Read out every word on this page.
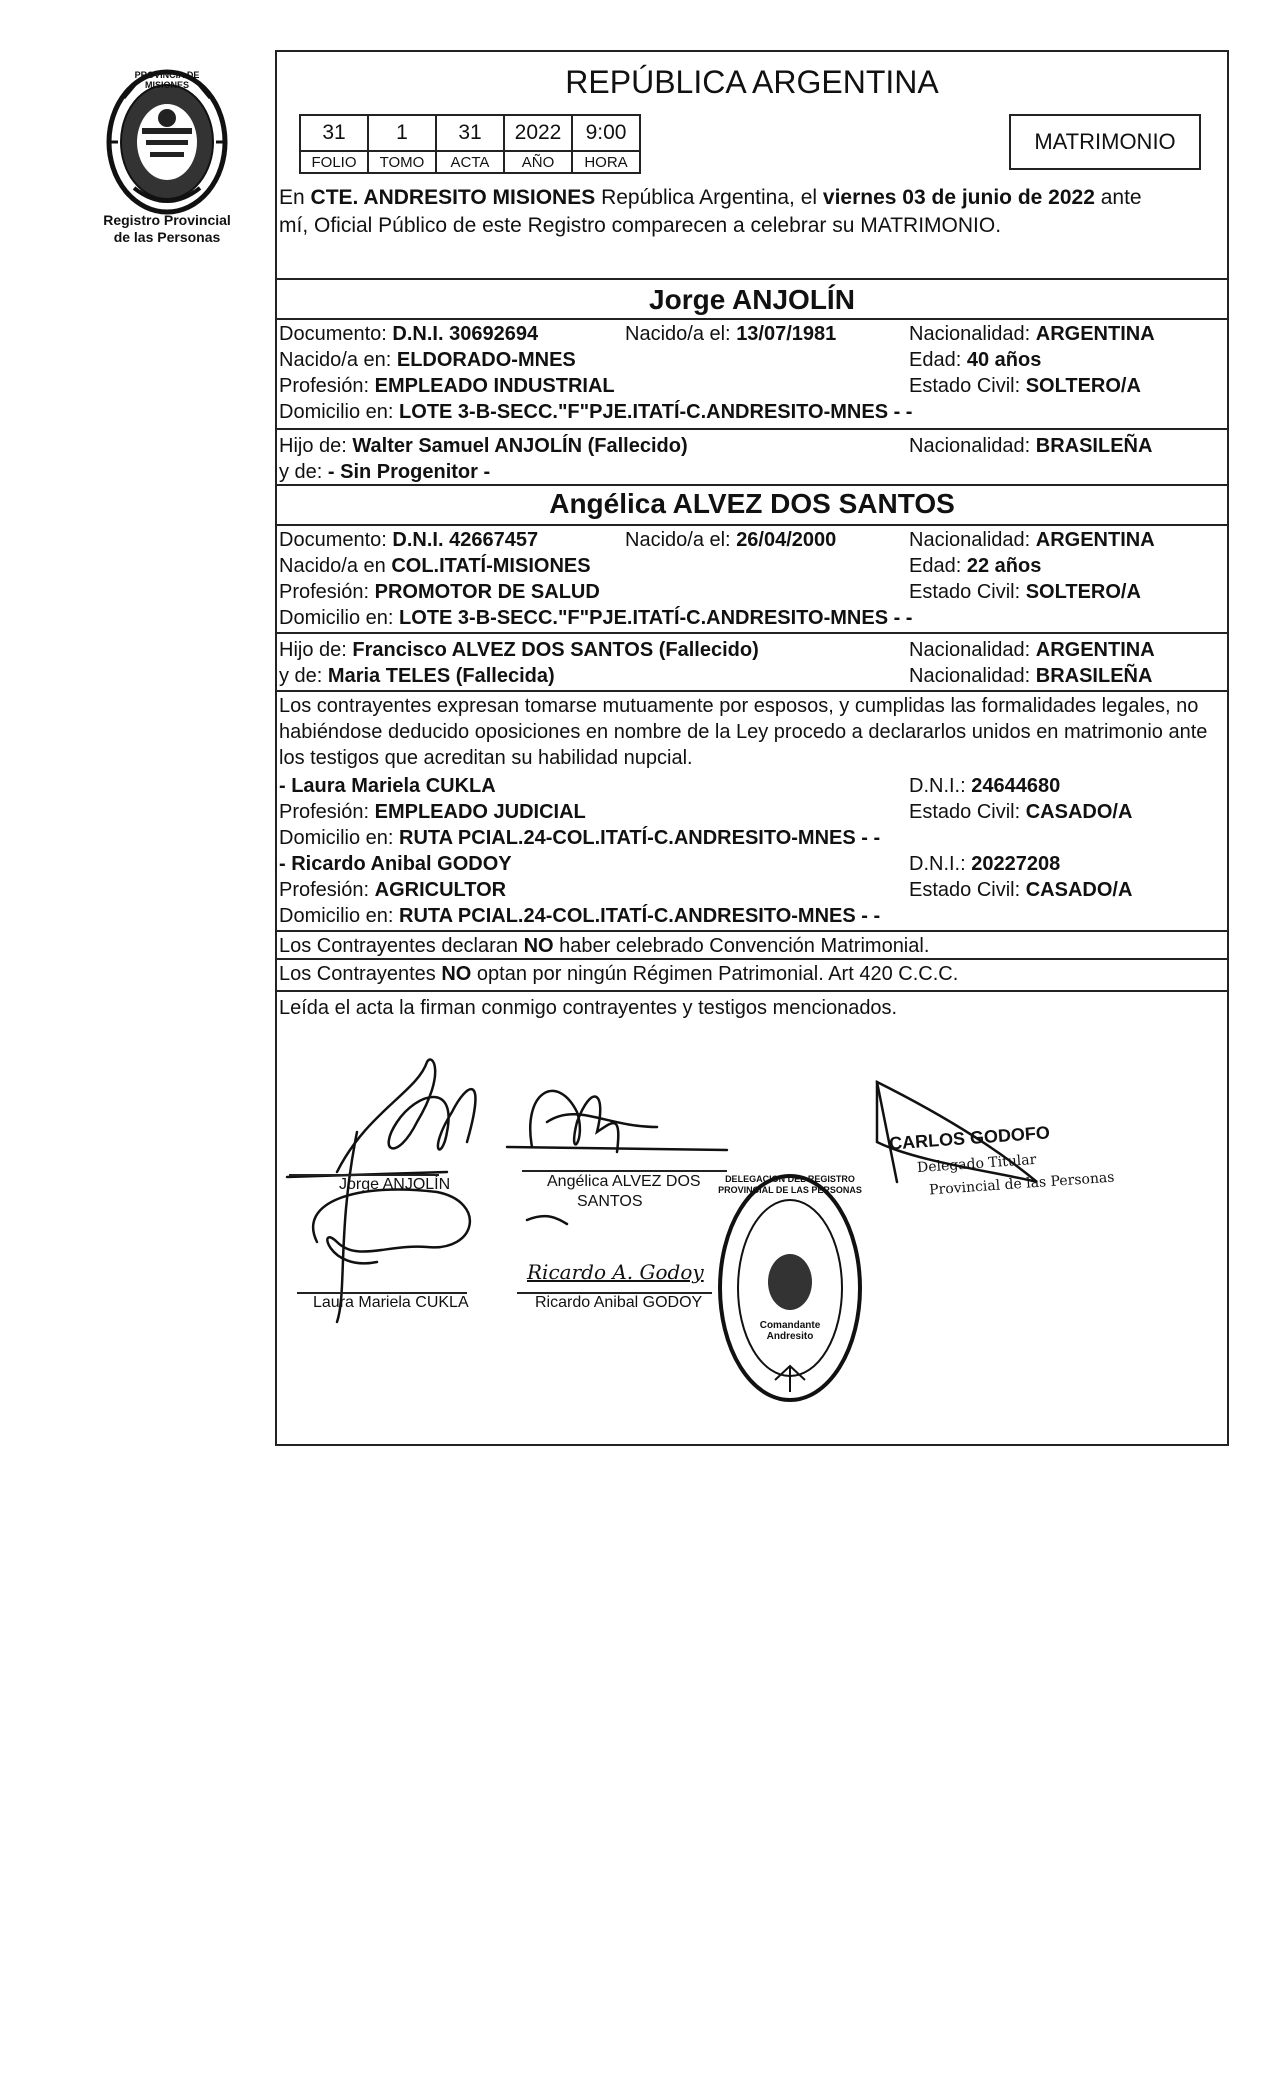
PROVINCIA DE MISIONES
Registro Provincial
de las Personas
REPÚBLICA ARGENTINA
31	1	31	2022	9:00
FOLIO	TOMO	ACTA	AÑO	HORA
MATRIMONIO
En CTE. ANDRESITO MISIONES República Argentina, el viernes 03 de junio de 2022 ante
mí, Oficial Público de este Registro comparecen a celebrar su MATRIMONIO.
Jorge ANJOLÍN
Documento: D.N.I. 30692694	Nacido/a el: 13/07/1981	Nacionalidad: ARGENTINA
Nacido/a en: ELDORADO-MNES	Edad: 40 años
Profesión: EMPLEADO INDUSTRIAL	Estado Civil: SOLTERO/A
Domicilio en: LOTE 3-B-SECC."F"PJE.ITATÍ-C.ANDRESITO-MNES - -
Hijo de: Walter Samuel ANJOLÍN (Fallecido)	Nacionalidad: BRASILEÑA
y de: - Sin Progenitor -
Angélica ALVEZ DOS SANTOS
Documento: D.N.I. 42667457	Nacido/a el: 26/04/2000	Nacionalidad: ARGENTINA
Nacido/a en COL.ITATÍ-MISIONES	Edad: 22 años
Profesión: PROMOTOR DE SALUD	Estado Civil: SOLTERO/A
Domicilio en: LOTE 3-B-SECC."F"PJE.ITATÍ-C.ANDRESITO-MNES - -
Hijo de: Francisco ALVEZ DOS SANTOS (Fallecido)	Nacionalidad: ARGENTINA
y de: Maria TELES (Fallecida)	Nacionalidad: BRASILEÑA
Los contrayentes expresan tomarse mutuamente por esposos, y cumplidas las formalidades legales, no
habiéndose deducido oposiciones en nombre de la Ley procedo a declararlos unidos en matrimonio ante
los testigos que acreditan su habilidad nupcial.
- Laura Mariela CUKLA	D.N.I.: 24644680
Profesión: EMPLEADO JUDICIAL	Estado Civil: CASADO/A
Domicilio en: RUTA PCIAL.24-COL.ITATÍ-C.ANDRESITO-MNES - -
- Ricardo Anibal GODOY	D.N.I.: 20227208
Profesión: AGRICULTOR	Estado Civil: CASADO/A
Domicilio en: RUTA PCIAL.24-COL.ITATÍ-C.ANDRESITO-MNES - -
Los Contrayentes declaran NO haber celebrado Convención Matrimonial.
Los Contrayentes NO optan por ningún Régimen Patrimonial. Art 420 C.C.C.
Leída el acta la firman conmigo contrayentes y testigos mencionados.
Jorge ANJOLÍN	Angélica ALVEZ DOS
SANTOS
Laura Mariela CUKLA
Ricardo A. Godoy
Ricardo Anibal GODOY
CARLOS GODOFO
Delegado Titular
Provincial de las Personas
DELEGACION DEL REGISTRO PROVINCIAL DE LAS PERSONAS
Comandante Andresito
